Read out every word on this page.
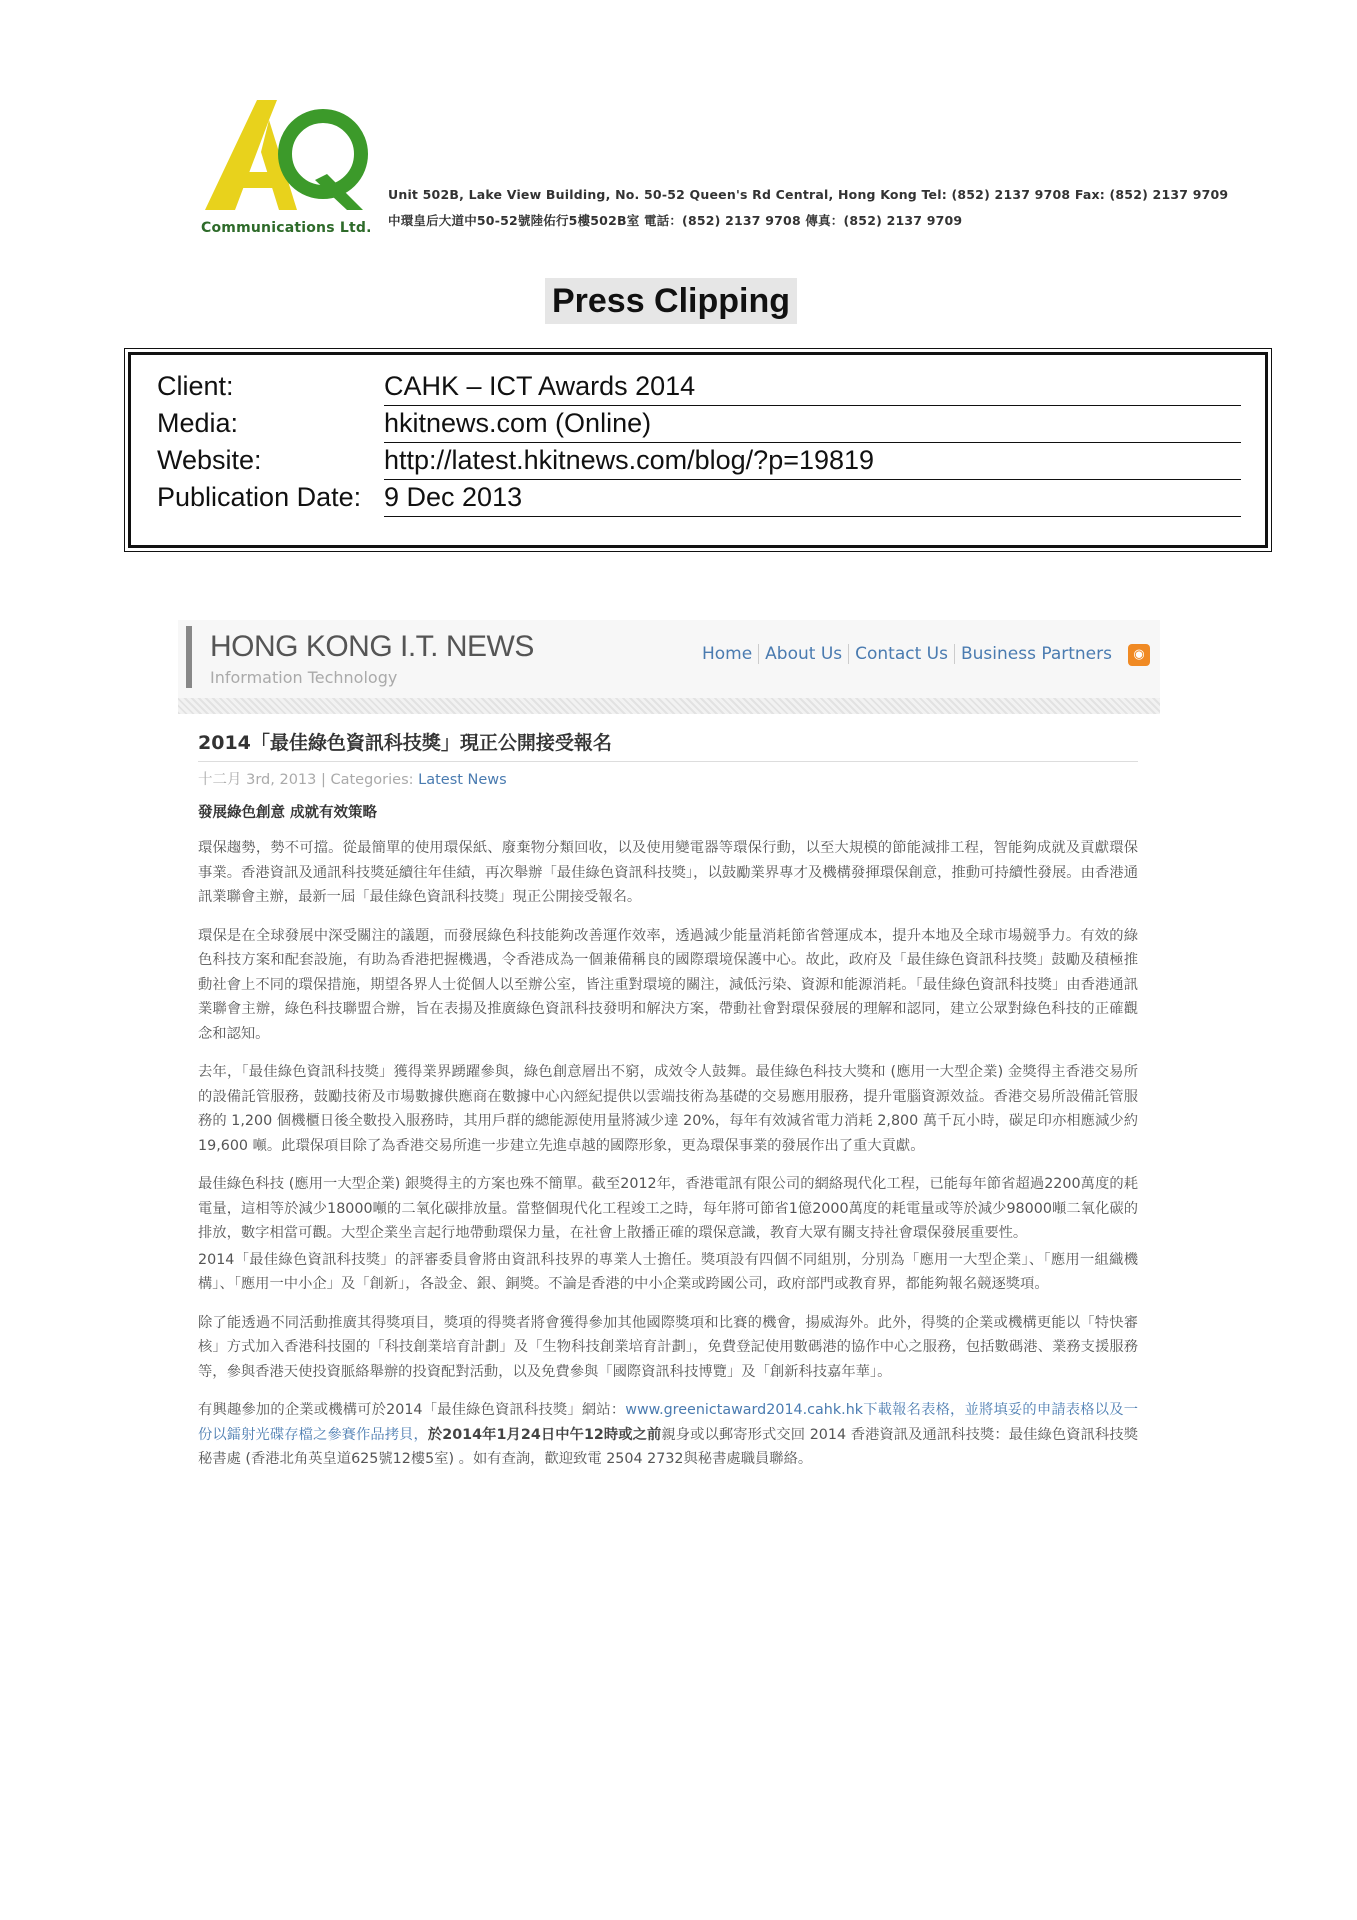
Communications Ltd.
Unit 502B, Lake View Building, No. 50-52 Queen's Rd Central, Hong Kong Tel: (852) 2137 9708 Fax: (852) 2137 9709
中環皇后大道中50-52號陸佑行5樓502B室 電話：(852) 2137 9708 傳真：(852) 2137 9709
Press Clipping
Client:	CAHK – ICT Awards 2014
Media:	hkitnews.com (Online)
Website:	http://latest.hkitnews.com/blog/?p=19819
Publication Date: 9 Dec 2013
HONG KONG I.T. NEWS
Information Technology
Home About Us Contact Us Business Partners	◉
2014「最佳綠色資訊科技獎」現正公開接受報名
十二月 3rd, 2013 | Categories: Latest News
發展綠色創意 成就有效策略
環保趨勢，勢不可擋。從最簡單的使用環保紙、廢棄物分類回收，以及使用變電器等環保行動，以至大規模的節能減排工程，智能夠成就及貢獻環保事業。香港資訊及通訊科技獎延續往年佳績，再次舉辦「最佳綠色資訊科技獎」，以鼓勵業界專才及機構發揮環保創意，推動可持續性發展。由香港通訊業聯會主辦，最新一屆「最佳綠色資訊科技獎」現正公開接受報名。
環保是在全球發展中深受關注的議題，而發展綠色科技能夠改善運作效率，透過減少能量消耗節省營運成本，提升本地及全球市場競爭力。有效的綠色科技方案和配套設施，有助為香港把握機遇，令香港成為一個兼備稱良的國際環境保護中心。故此，政府及「最佳綠色資訊科技獎」鼓勵及積極推動社會上不同的環保措施，期望各界人士從個人以至辦公室，皆注重對環境的關注，減低污染、資源和能源消耗。「最佳綠色資訊科技獎」由香港通訊業聯會主辦，綠色科技聯盟合辦，旨在表揚及推廣綠色資訊科技發明和解決方案，帶動社會對環保發展的理解和認同，建立公眾對綠色科技的正確觀念和認知。
去年，「最佳綠色資訊科技獎」獲得業界踴躍參與，綠色創意層出不窮，成效令人鼓舞。最佳綠色科技大獎和 (應用一大型企業) 金獎得主香港交易所的設備託管服務，鼓勵技術及市場數據供應商在數據中心內經紀提供以雲端技術為基礎的交易應用服務，提升電腦資源效益。香港交易所設備託管服務的 1,200 個機櫃日後全數投入服務時，其用戶群的總能源使用量將減少達 20%，每年有效減省電力消耗 2,800 萬千瓦小時，碳足印亦相應減少約 19,600 噸。此環保項目除了為香港交易所進一步建立先進卓越的國際形象，更為環保事業的發展作出了重大貢獻。
最佳綠色科技 (應用一大型企業) 銀獎得主的方案也殊不簡單。截至2012年，香港電訊有限公司的網絡現代化工程，已能每年節省超過2200萬度的耗電量，這相等於減少18000噸的二氧化碳排放量。當整個現代化工程竣工之時，每年將可節省1億2000萬度的耗電量或等於減少98000噸二氧化碳的排放，數字相當可觀。大型企業坐言起行地帶動環保力量，在社會上散播正確的環保意識，教育大眾有關支持社會環保發展重要性。
2014「最佳綠色資訊科技獎」的評審委員會將由資訊科技界的專業人士擔任。獎項設有四個不同組別，分別為「應用一大型企業」、「應用一組織機構」、「應用一中小企」及「創新」，各設金、銀、銅獎。不論是香港的中小企業或跨國公司，政府部門或教育界，都能夠報名競逐獎項。
除了能透過不同活動推廣其得獎項目，獎項的得獎者將會獲得參加其他國際獎項和比賽的機會，揚威海外。此外，得獎的企業或機構更能以「特快審核」方式加入香港科技園的「科技創業培育計劃」及「生物科技創業培育計劃」，免費登記使用數碼港的協作中心之服務，包括數碼港、業務支援服務等，參與香港天使投資脈絡舉辦的投資配對活動，以及免費參與「國際資訊科技博覽」及「創新科技嘉年華」。
有興趣參加的企業或機構可於2014「最佳綠色資訊科技獎」網站：www.greenictaward2014.cahk.hk下載報名表格，並將填妥的申請表格以及一份以鐳射光碟存檔之參賽作品拷貝，於2014年1月24日中午12時或之前親身或以郵寄形式交回 2014 香港資訊及通訊科技獎：最佳綠色資訊科技獎秘書處 (香港北角英皇道625號12樓5室) 。如有查詢，歡迎致電 2504 2732與秘書處職員聯絡。
